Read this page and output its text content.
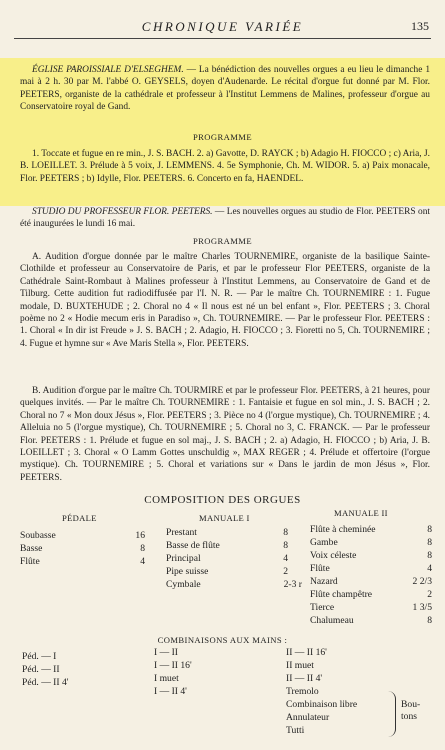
CHRONIQUE VARIÉE	135

ÉGLISE PAROISSIALE D'ELSEGHEM. — La bénédiction des nouvelles orgues a eu lieu le dimanche 1 mai à 2 h. 30 par M. l'abbé O. GEYSELS, doyen d'Audenarde. Le récital d'orgue fut donné par M. Flor. PEETERS, organiste de la cathédrale et professeur à l'Institut Lemmens de Malines, professeur d'orgue au Conservatoire royal de Gand.

PROGRAMME

1. Toccate et fugue en re min., J. S. BACH. 2. a) Gavotte, D. RAYCK ; b) Adagio H. FIOCCO ; c) Aria, J. B. LOEILLET. 3. Prélude à 5 voix, J. LEMMENS. 4. 5e Symphonie, Ch. M. WIDOR. 5. a) Paix monacale, Flor. PEETERS ; b) Idylle, Flor. PEETERS. 6. Concerto en fa, HAENDEL.

STUDIO DU PROFESSEUR FLOR. PEETERS. — Les nouvelles orgues au studio de Flor. PEETERS ont été inaugurées le lundi 16 mai.

PROGRAMME

A. Audition d'orgue donnée par le maître Charles TOURNEMIRE, organiste de la basilique Sainte-Clothilde et professeur au Conservatoire de Paris, et par le professeur Flor PEETERS, organiste de la Cathédrale Saint-Rombaut à Malines professeur à l'Institut Lemmens, au Conservatoire de Gand et de Tilburg. Cette audition fut radiodiffusée par l'I. N. R. — Par le maître Ch. TOURNEMIRE : 1. Fugue modale, D. BUXTEHUDE ; 2. Choral no 4 « Il nous est né un bel enfant », Flor. PEETERS ; 3. Choral poème no 2 « Hodie mecum eris in Paradiso », Ch. TOURNEMIRE. — Par le professeur Flor. PEETERS : 1. Choral « In dir ist Freude » J. S. BACH ; 2. Adagio, H. FIOCCO ; 3. Fioretti no 5, Ch. TOURNEMIRE ; 4. Fugue et hymne sur « Ave Maris Stella », Flor. PEETERS.

B. Audition d'orgue par le maître Ch. TOURMIRE et par le professeur Flor. PEETERS, à 21 heures, pour quelques invités. — Par le maître Ch. TOURNEMIRE : 1. Fantaisie et fugue en sol min., J. S. BACH ; 2. Choral no 7 « Mon doux Jésus », Flor. PEETERS ; 3. Pièce no 4 (l'orgue mystique), Ch. TOURNEMIRE ; 4. Alleluia no 5 (l'orgue mystique), Ch. TOURNEMIRE ; 5. Choral no 3, C. FRANCK. — Par le professeur Flor. PEETERS : 1. Prélude et fugue en sol maj., J. S. BACH ; 2. a) Adagio, H. FIOCCO ; b) Aria, J. B. LOEILLET ; 3. Choral « O Lamm Gottes unschuldig », MAX REGER ; 4. Prélude et offertoire (l'orgue mystique). Ch. TOURNEMIRE ; 5. Choral et variations sur « Dans le jardin de mon Jésus », Flor. PEETERS.

COMPOSITION DES ORGUES
PÉDALE	MANUALE I	MANUALE II
Soubasse	16
Basse	8
Flûte	4
Prestant	8
Basse de flûte	8
Principal	4
Pipe suisse	2
Cymbale	2-3 r
Flûte à cheminée	8
Gambe	8
Voix céleste	8
Flûte	4
Nazard	2 2/3
Flûte champêtre	2
Tierce	1 3/5
Chalumeau	8
COMBINAISONS AUX MAINS :
Péd. — I
Péd. — II
Péd. — II 4'
I — II
I — II 16'
I muet
I — II 4'
II — II 16'
II muet
II — II 4'
Tremolo
Combinaison libre
Annulateur
Tutti
Bou- tons
